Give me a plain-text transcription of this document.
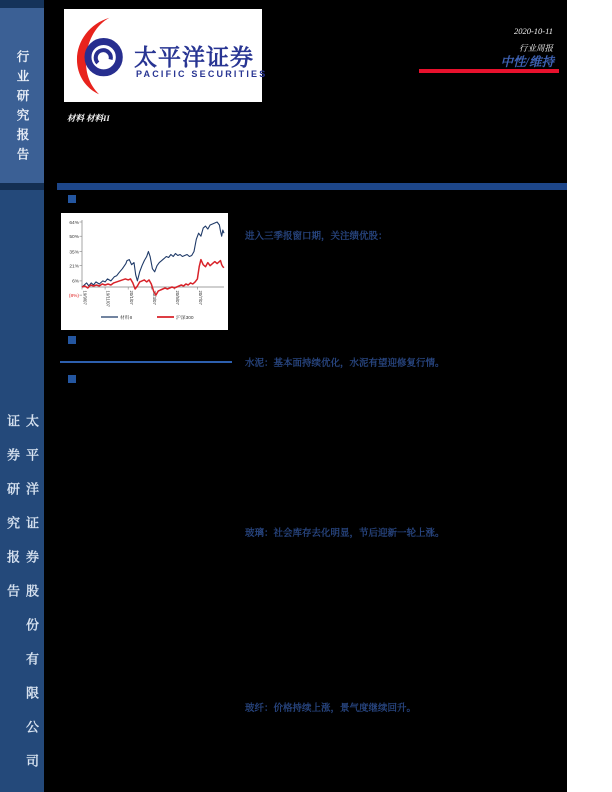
行业研究报告
太平洋证券股份有限公司证券研究报告
太平洋证券
PACIFIC SECURITIES
材料 材料II
2020-10-11
行业周报
中性/维持
64%
50%
35%
21%
6%
(8%) 19/9/07	19/11/07	20/1/07	20/3/07	20/5/07	20/7/07
材料II	沪深300
进入三季报窗口期，关注绩优股：
水泥：基本面持续优化，水泥有望迎修复行情。
玻璃：社会库存去化明显，节后迎新一轮上涨。
玻纤：价格持续上涨，景气度继续回升。
